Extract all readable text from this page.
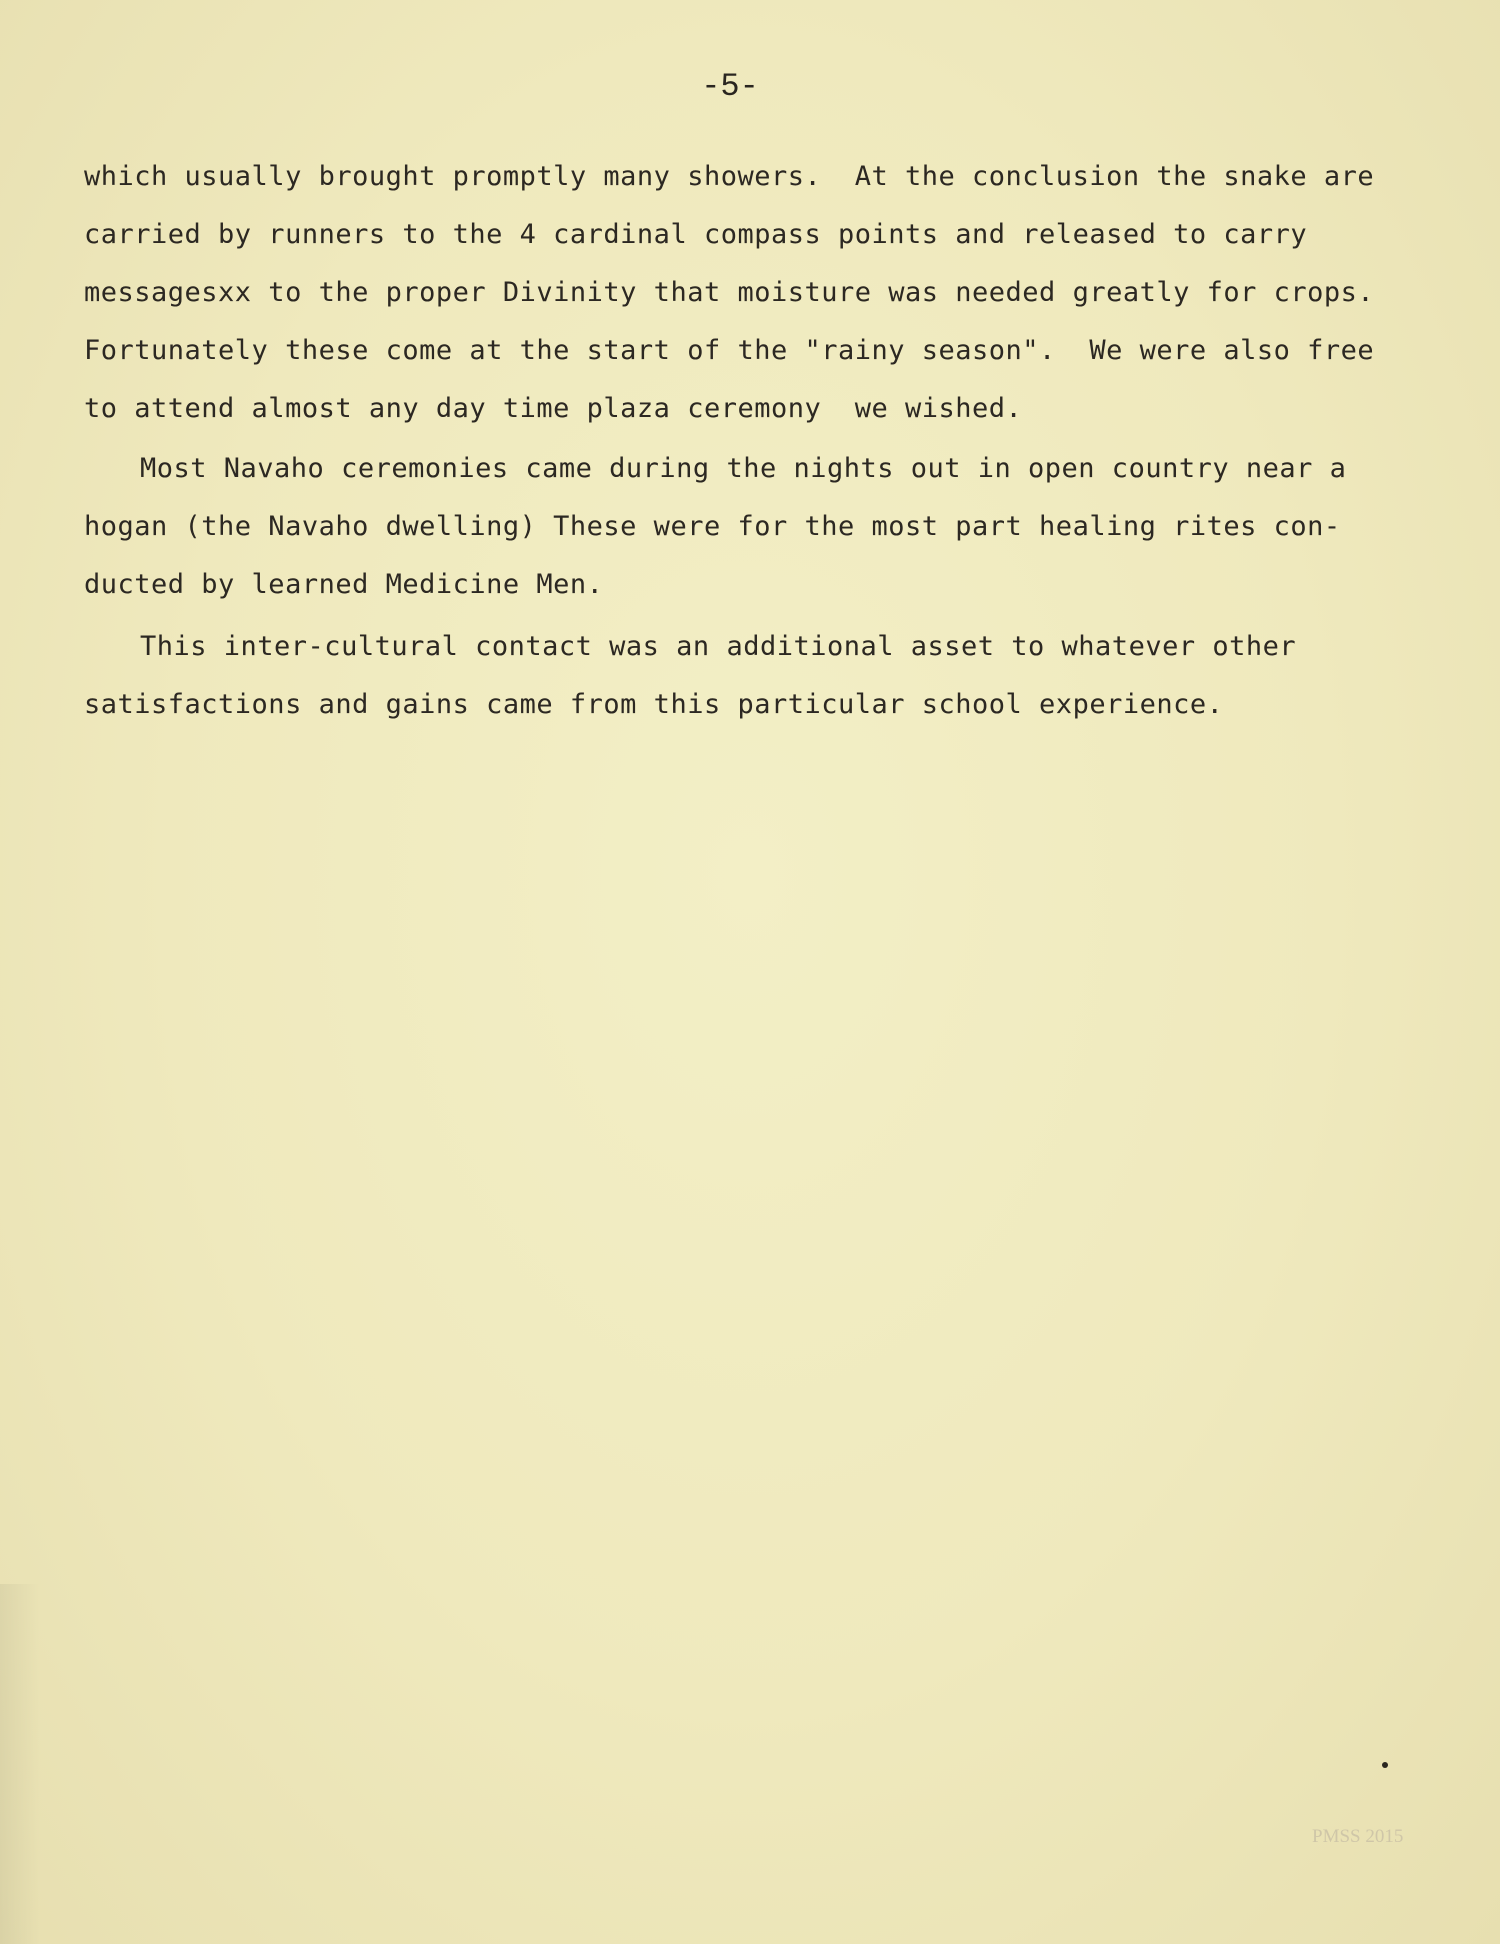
-5-
which usually brought promptly many showers.  At the conclusion the snake are
carried by runners to the 4 cardinal compass points and released to carry
messagesxx to the proper Divinity that moisture was needed greatly for crops.
Fortunately these come at the start of the "rainy season".  We were also free
to attend almost any day time plaza ceremony  we wished.
Most Navaho ceremonies came during the nights out in open country near a
hogan (the Navaho dwelling) These were for the most part healing rites con-
ducted by learned Medicine Men.
This inter-cultural contact was an additional asset to whatever other
satisfactions and gains came from this particular school experience.
PMSS 2015
